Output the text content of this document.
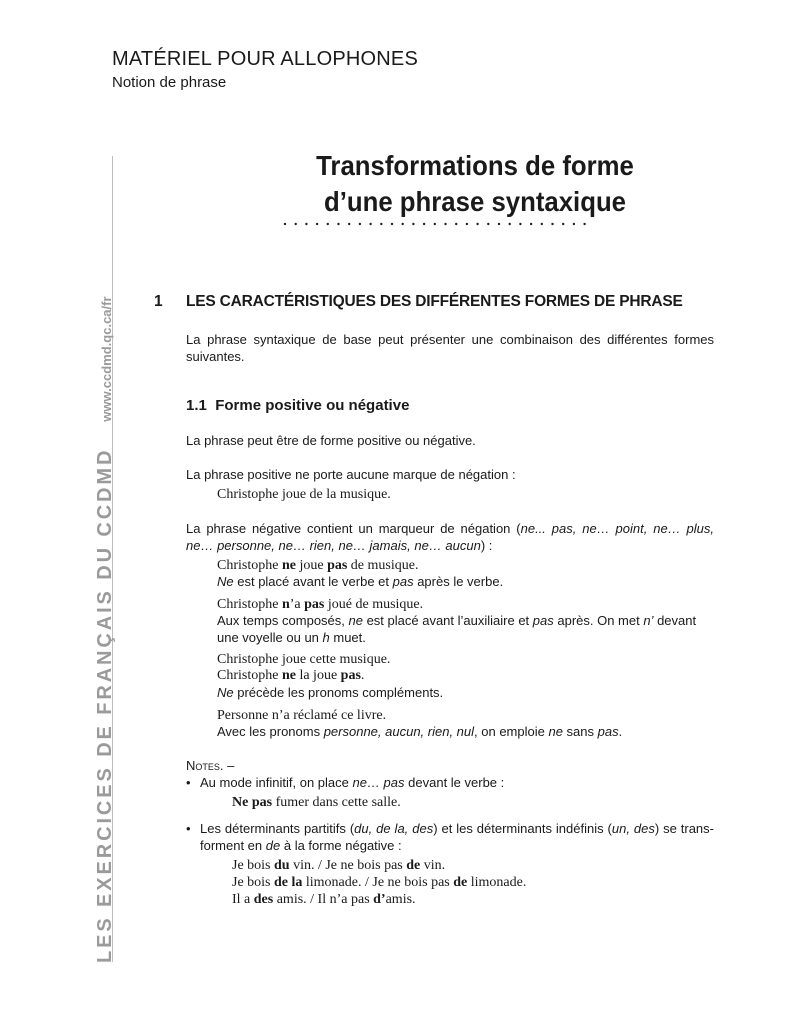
MATÉRIEL POUR ALLOPHONES
Notion de phrase
LES EXERCICES DE FRANÇAIS DU CCDMDwww.ccdmd.qc.ca/fr
Transformations de forme
d’une phrase syntaxique
1 LES CARACTÉRISTIQUES DES DIFFÉRENTES FORMES DE PHRASE

La phrase syntaxique de base peut présenter une combinaison des différentes formes suivantes.

1.1 Forme positive ou négative
La phrase peut être de forme positive ou négative.
La phrase positive ne porte aucune marque de négation :
Christophe joue de la musique.
La phrase négative contient un marqueur de négation (ne... pas, ne… point, ne… plus,
ne… personne, ne… rien, ne… jamais, ne… aucun) :
Christophe ne joue pas de musique.
Ne est placé avant le verbe et pas après le verbe.
Christophe n’a pas joué de musique.
Aux temps composés, ne est placé avant l’auxiliaire et pas après. On met n’ devant
une voyelle ou un h muet.
Christophe joue cette musique.
Christophe ne la joue pas.
Ne précède les pronoms compléments.
Personne n’a réclamé ce livre.
Avec les pronoms personne, aucun, rien, nul, on emploie ne sans pas.
Notes. –
• Au mode infinitif, on place ne… pas devant le verbe :
Ne pas fumer dans cette salle.
• Les déterminants partitifs (du, de la, des) et les déterminants indéfinis (un, des) se trans-
forment en de à la forme négative :
Je bois du vin. / Je ne bois pas de vin.
Je bois de la limonade. / Je ne bois pas de limonade.
Il a des amis. / Il n’a pas d’amis.
